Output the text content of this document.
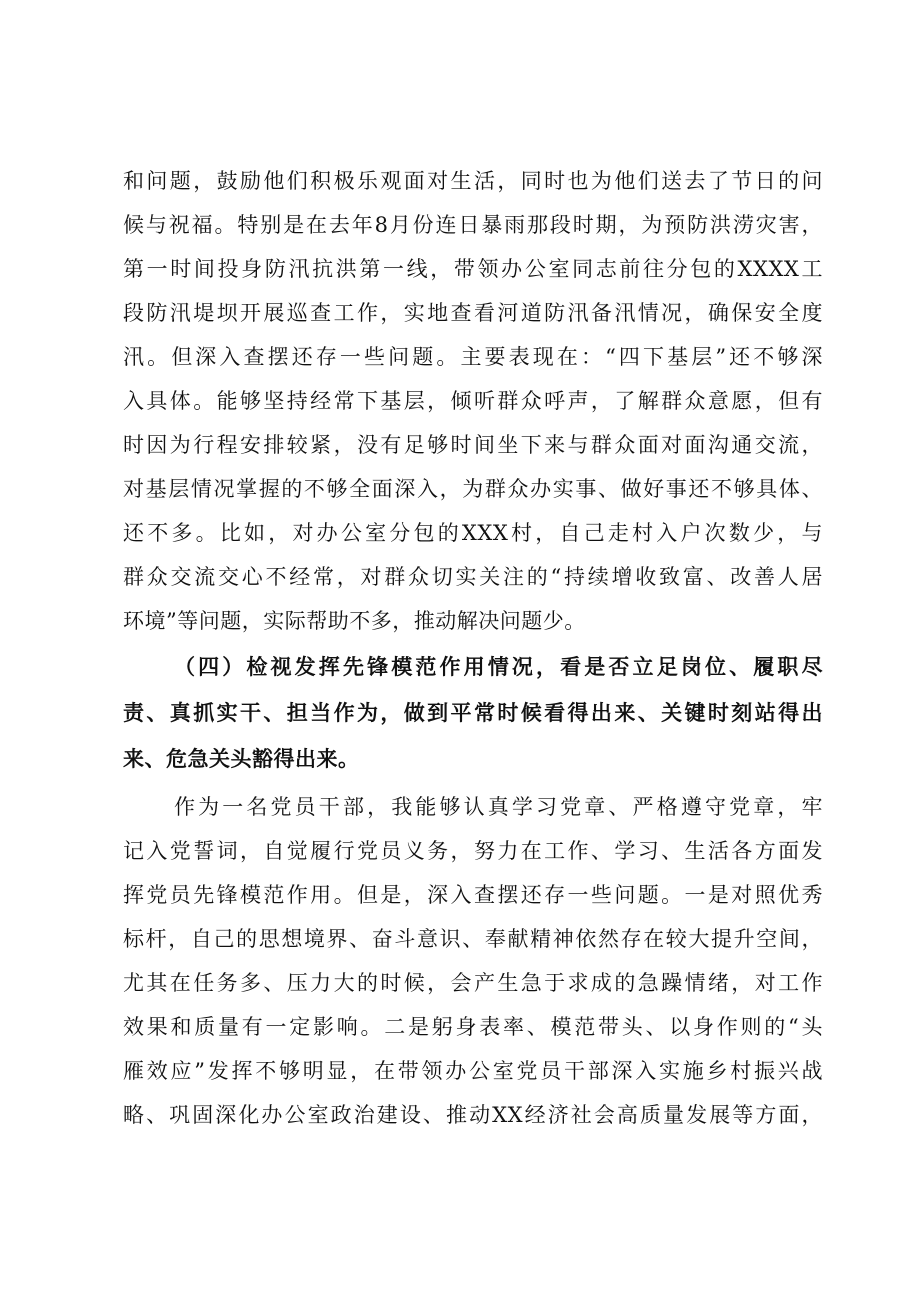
和问题，鼓励他们积极乐观面对生活，同时也为他们送去了节日的问
候与祝福。特别是在去年8月份连日暴雨那段时期，为预防洪涝灾害，
第一时间投身防汛抗洪第一线，带领办公室同志前往分包的XXXX工
段防汛堤坝开展巡查工作，实地查看河道防汛备汛情况，确保安全度
汛。但深入查摆还存一些问题。主要表现在：“四下基层”还不够深
入具体。能够坚持经常下基层，倾听群众呼声，了解群众意愿，但有
时因为行程安排较紧，没有足够时间坐下来与群众面对面沟通交流，
对基层情况掌握的不够全面深入，为群众办实事、做好事还不够具体、
还不多。比如，对办公室分包的XXX村，自己走村入户次数少，与
群众交流交心不经常，对群众切实关注的“持续增收致富、改善人居
环境”等问题，实际帮助不多，推动解决问题少。
（四）检视发挥先锋模范作用情况，看是否立足岗位、履职尽
责、真抓实干、担当作为，做到平常时候看得出来、关键时刻站得出
来、危急关头豁得出来。
作为一名党员干部，我能够认真学习党章、严格遵守党章，牢
记入党誓词，自觉履行党员义务，努力在工作、学习、生活各方面发
挥党员先锋模范作用。但是，深入查摆还存一些问题。一是对照优秀
标杆，自己的思想境界、奋斗意识、奉献精神依然存在较大提升空间，
尤其在任务多、压力大的时候，会产生急于求成的急躁情绪，对工作
效果和质量有一定影响。二是躬身表率、模范带头、以身作则的“头
雁效应”发挥不够明显，在带领办公室党员干部深入实施乡村振兴战
略、巩固深化办公室政治建设、推动XX经济社会高质量发展等方面，
